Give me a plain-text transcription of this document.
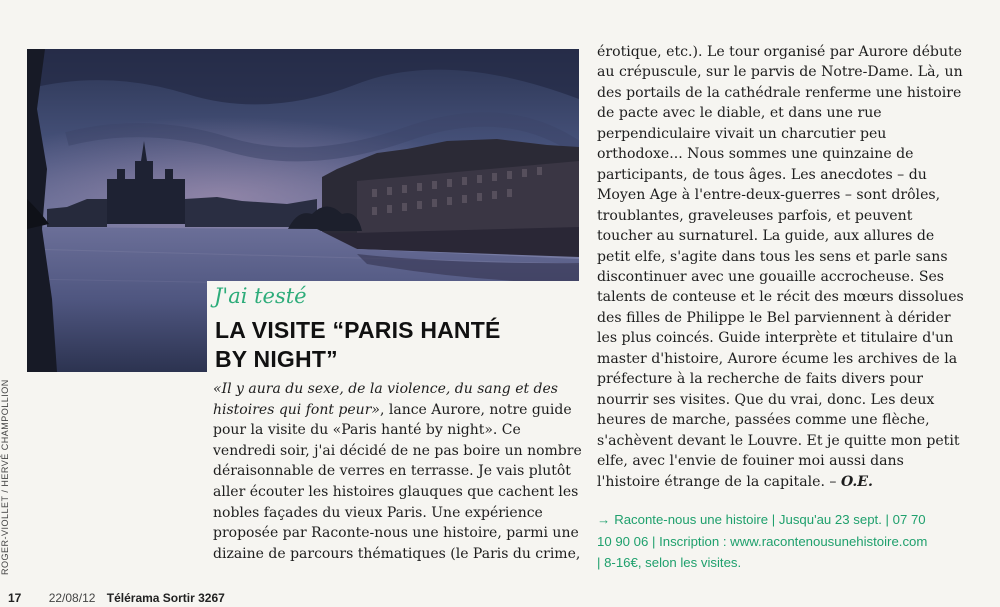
ROGER-VIOLLET / HERVÉ CHAMPOLLION
J'ai testé
LA VISITE “PARIS HANTÉ
BY NIGHT”
«Il y aura du sexe, de la violence, du sang et des
histoires qui font peur», lance Aurore, notre guide
pour la visite du «Paris hanté by night». Ce
vendredi soir, j'ai décidé de ne pas boire un nombre
déraisonnable de verres en terrasse. Je vais plutôt
aller écouter les histoires glauques que cachent les
nobles façades du vieux Paris. Une expérience
proposée par Raconte-nous une histoire, parmi une
dizaine de parcours thématiques (le Paris du crime,
érotique, etc.). Le tour organisé par Aurore débute
au crépuscule, sur le parvis de Notre-Dame. Là, un
des portails de la cathédrale renferme une histoire
de pacte avec le diable, et dans une rue
perpendiculaire vivait un charcutier peu
orthodoxe... Nous sommes une quinzaine de
participants, de tous âges. Les anecdotes – du
Moyen Age à l'entre-deux-guerres – sont drôles,
troublantes, graveleuses parfois, et peuvent
toucher au surnaturel. La guide, aux allures de
petit elfe, s'agite dans tous les sens et parle sans
discontinuer avec une gouaille accrocheuse. Ses
talents de conteuse et le récit des mœurs dissolues
des filles de Philippe le Bel parviennent à dérider
les plus coincés. Guide interprète et titulaire d'un
master d'histoire, Aurore écume les archives de la
préfecture à la recherche de faits divers pour
nourrir ses visites. Que du vrai, donc. Les deux
heures de marche, passées comme une flèche,
s'achèvent devant le Louvre. Et je quitte mon petit
elfe, avec l'envie de fouiner moi aussi dans
l'histoire étrange de la capitale. – O.E.
→ Raconte-nous une histoire | Jusqu'au 23 sept. | 07 70
10 90 06 | Inscription : www.racontenousunehistoire.com
| 8-16€, selon les visites.
17 22/08/12 Télérama Sortir 3267
